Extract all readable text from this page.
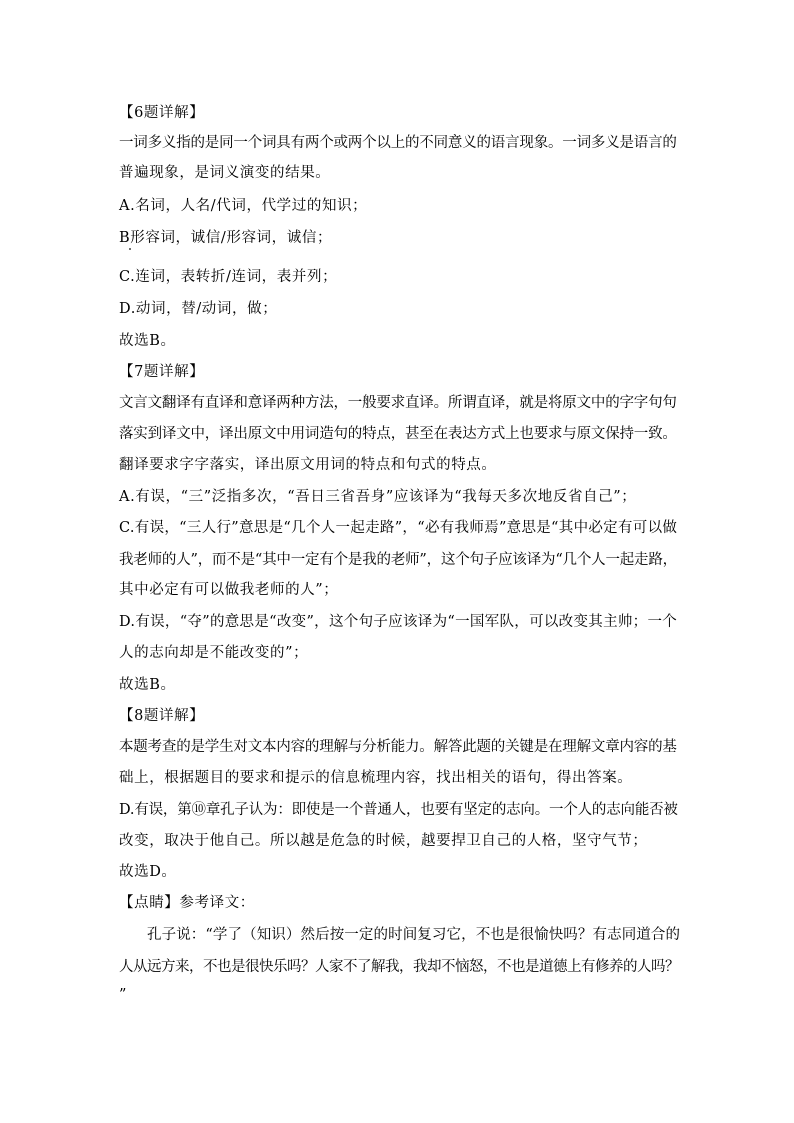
【6题详解】
一词多义指的是同一个词具有两个或两个以上的不同意义的语言现象。一词多义是语言的
普遍现象，是词义演变的结果。
A.名词，人名/代词，代学过的知识；
B形容词，诚信/形容词，诚信；
C.连词，表转折/连词，表并列；
D.动词，替/动词，做；
故选B。
【7题详解】
文言文翻译有直译和意译两种方法，一般要求直译。所谓直译，就是将原文中的字字句句
落实到译文中，译出原文中用词造句的特点，甚至在表达方式上也要求与原文保持一致。
翻译要求字字落实，译出原文用词的特点和句式的特点。
A.有误，“三”泛指多次，“吾日三省吾身”应该译为“我每天多次地反省自己”；
C.有误，“三人行”意思是“几个人一起走路”，“必有我师焉”意思是“其中必定有可以做
我老师的人”，而不是“其中一定有个是我的老师”，这个句子应该译为“几个人一起走路，
其中必定有可以做我老师的人”；
D.有误，“夺”的意思是“改变”，这个句子应该译为“一国军队，可以改变其主帅；一个
人的志向却是不能改变的”；
故选B。
【8题详解】
本题考查的是学生对文本内容的理解与分析能力。解答此题的关键是在理解文章内容的基
础上，根据题目的要求和提示的信息梳理内容，找出相关的语句，得出答案。
D.有误，第⑩章孔子认为：即使是一个普通人，也要有坚定的志向。一个人的志向能否被
改变，取决于他自己。所以越是危急的时候，越要捍卫自己的人格，坚守气节；
故选D。
【点睛】参考译文：
孔子说：“学了（知识）然后按一定的时间复习它，不也是很愉快吗？有志同道合的
人从远方来，不也是很快乐吗？人家不了解我，我却不恼怒，不也是道德上有修养的人吗？
”
